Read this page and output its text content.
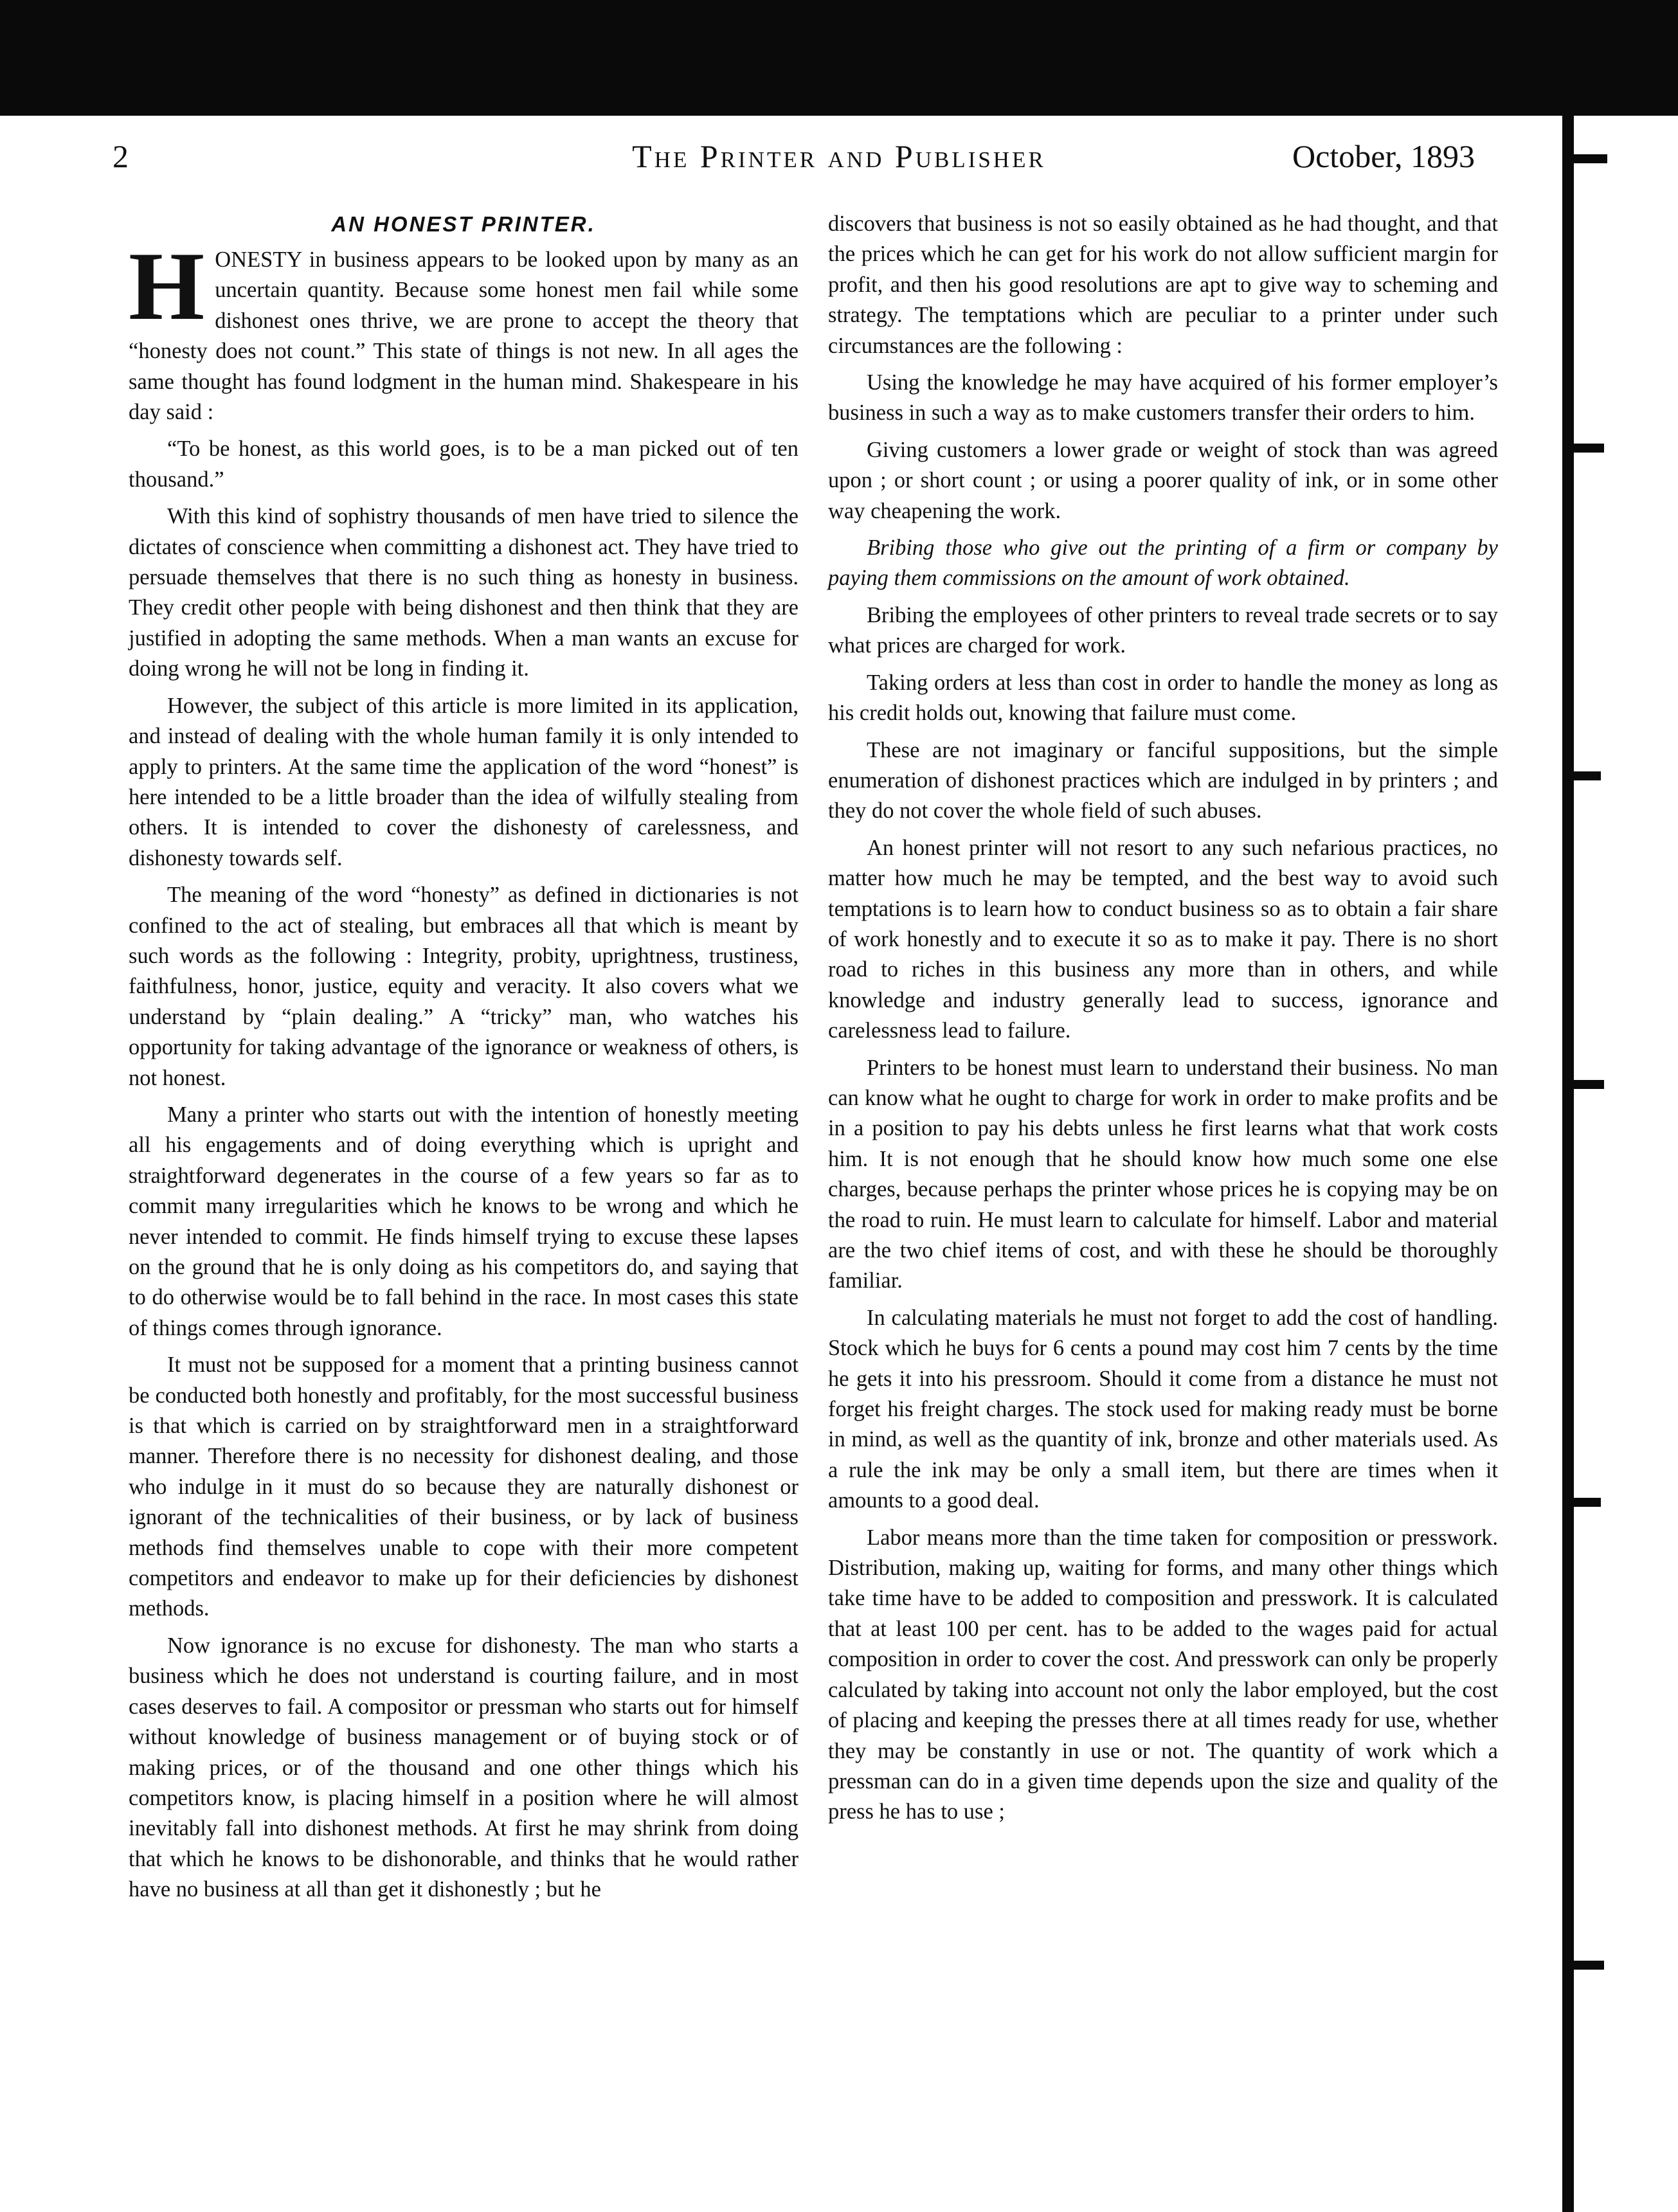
2	The Printer and Publisher	October, 1893
AN HONEST PRINTER.

HONESTY in business appears to be looked upon by many as an uncertain quantity. Because some honest men fail while some dishonest ones thrive, we are prone to accept the theory that “honesty does not count.” This state of things is not new. In all ages the same thought has found lodgment in the human mind. Shakespeare in his day said :

“To be honest, as this world goes, is to be a man picked out of ten thousand.”

With this kind of sophistry thousands of men have tried to silence the dictates of conscience when committing a dishonest act. They have tried to persuade themselves that there is no such thing as honesty in business. They credit other people with being dishonest and then think that they are justified in adopting the same methods. When a man wants an excuse for doing wrong he will not be long in finding it.

However, the subject of this article is more limited in its application, and instead of dealing with the whole human family it is only intended to apply to printers. At the same time the application of the word “honest” is here intended to be a little broader than the idea of wilfully stealing from others. It is intended to cover the dishonesty of carelessness, and dishonesty towards self.

The meaning of the word “honesty” as defined in dictionaries is not confined to the act of stealing, but embraces all that which is meant by such words as the following : Integrity, probity, uprightness, trustiness, faithfulness, honor, justice, equity and veracity. It also covers what we understand by “plain dealing.” A “tricky” man, who watches his opportunity for taking advantage of the ignorance or weakness of others, is not honest.

Many a printer who starts out with the intention of honestly meeting all his engagements and of doing everything which is upright and straightforward degenerates in the course of a few years so far as to commit many irregularities which he knows to be wrong and which he never intended to commit. He finds himself trying to excuse these lapses on the ground that he is only doing as his competitors do, and saying that to do otherwise would be to fall behind in the race. In most cases this state of things comes through ignorance.

It must not be supposed for a moment that a printing business cannot be conducted both honestly and profitably, for the most successful business is that which is carried on by straightforward men in a straightforward manner. Therefore there is no necessity for dishonest dealing, and those who indulge in it must do so because they are naturally dishonest or ignorant of the technicalities of their business, or by lack of business methods find themselves unable to cope with their more competent competitors and endeavor to make up for their deficiencies by dishonest methods.

Now ignorance is no excuse for dishonesty. The man who starts a business which he does not understand is courting failure, and in most cases deserves to fail. A compositor or pressman who starts out for himself without knowledge of business management or of buying stock or of making prices, or of the thousand and one other things which his competitors know, is placing himself in a position where he will almost inevitably fall into dishonest methods. At first he may shrink from doing that which he knows to be dishonorable, and thinks that he would rather have no business at all than get it dishonestly ; but he

discovers that business is not so easily obtained as he had thought, and that the prices which he can get for his work do not allow sufficient margin for profit, and then his good resolutions are apt to give way to scheming and strategy. The temptations which are peculiar to a printer under such circumstances are the following :

Using the knowledge he may have acquired of his former employer’s business in such a way as to make customers transfer their orders to him.

Giving customers a lower grade or weight of stock than was agreed upon ; or short count ; or using a poorer quality of ink, or in some other way cheapening the work.

Bribing those who give out the printing of a firm or company by paying them commissions on the amount of work obtained.

Bribing the employees of other printers to reveal trade secrets or to say what prices are charged for work.

Taking orders at less than cost in order to handle the money as long as his credit holds out, knowing that failure must come.

These are not imaginary or fanciful suppositions, but the simple enumeration of dishonest practices which are indulged in by printers ; and they do not cover the whole field of such abuses.

An honest printer will not resort to any such nefarious practices, no matter how much he may be tempted, and the best way to avoid such temptations is to learn how to conduct business so as to obtain a fair share of work honestly and to execute it so as to make it pay. There is no short road to riches in this business any more than in others, and while knowledge and industry generally lead to success, ignorance and carelessness lead to failure.

Printers to be honest must learn to understand their business. No man can know what he ought to charge for work in order to make profits and be in a position to pay his debts unless he first learns what that work costs him. It is not enough that he should know how much some one else charges, because perhaps the printer whose prices he is copying may be on the road to ruin. He must learn to calculate for himself. Labor and material are the two chief items of cost, and with these he should be thoroughly familiar.

In calculating materials he must not forget to add the cost of handling. Stock which he buys for 6 cents a pound may cost him 7 cents by the time he gets it into his pressroom. Should it come from a distance he must not forget his freight charges. The stock used for making ready must be borne in mind, as well as the quantity of ink, bronze and other materials used. As a rule the ink may be only a small item, but there are times when it amounts to a good deal.

Labor means more than the time taken for composition or presswork. Distribution, making up, waiting for forms, and many other things which take time have to be added to composition and presswork. It is calculated that at least 100 per cent. has to be added to the wages paid for actual composition in order to cover the cost. And presswork can only be properly calculated by taking into account not only the labor employed, but the cost of placing and keeping the presses there at all times ready for use, whether they may be constantly in use or not. The quantity of work which a pressman can do in a given time depends upon the size and quality of the press he has to use ;
